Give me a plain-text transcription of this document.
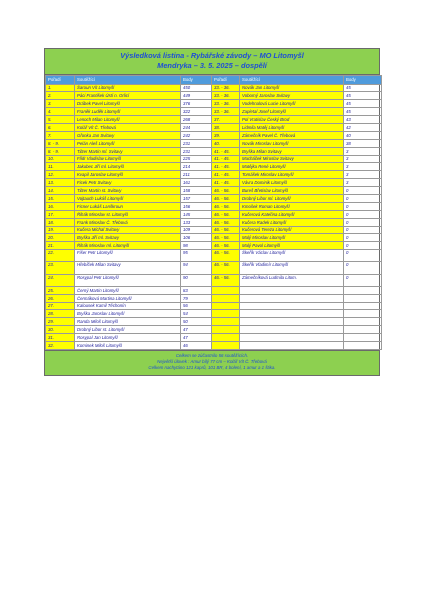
Výsledková listina - Rybářské závody – MO Litomyšl
Mendryka – 3. 5. 2025 – dospělí
Pořadí	Soutěžící	Body	Pořadí	Soutěžící	Body
1.	Šaroun Vít Litomyšl	450	33. - 36.	Novák Jan Litomyšl	45
2.	Páci František Ústí n. Orlicí	449	33. - 36.	Voborný Jaroslav Svitavy	45
3.	Drábek Pavel Litomyšl	376	33. - 36.	Vodehnalová Lucie Litomyšl	45
4.	Franěk Luděk Litomyšl	322	33. - 36.	Zapletal Josef Litomyšl	45
5.	Lenoch Milan Litomyšl	268	37.	Pol Vratislav Český Brod	43
6.	Kolář Vít Č. Třebová	244	38.	Lidmila Matěj Litomyšl	42
7.	Gřonka Jan Svitavy	242	39.	Zámečník Pavel Č. Třebová	40
8. - 9.	Pelán Aleš Litomyšl	231	40.	Novák Miroslav Litomyšl	38
8. - 9.	Tilzer Martin ml. Svitavy	231	41. - 45.	Bryška Milan Svitavy	3
10.	Flídr Vladislav Litomyšl	225	41. - 45.	Macháček Miroslav Svitavy	3
11.	Jakubec Jiří ml. Litomyšl	214	41. - 45.	Matějka René Litomyšl	3
12.	Kvapil Jaroslav Litomyšl	211	41. - 45.	Tomášek Miroslav Litomyšl	3
13.	Ficek Petr Svitavy	161	41. - 45.	Vávra Dominik Litomyšl	3
14.	Tilzer Martin st. Svitavy	158	46. - 56.	Bureš Břetislav Litomyšl	0
15.	Vojtauch Lukáš Litomyšl	157	46. - 56.	Drobný Libor ml. Litomyšl	0
16.	Ficner Lukáš Lanškroun	156	46. - 56.	Kmošek Roman Litomyšl	0
17.	Řihák Miroslav st. Litomyšl	145	46. - 56.	Kučerová Kateřina Litomyšl	0
18.	Frank Miroslav Č. Třebová	133	46. - 56.	Kučera Radek Litomyšl	0
19.	Kučera Michal Svitavy	109	46. - 56.	Kučerová Tereza Litomyšl	0
20.	Bryška Jiří ml. Svitavy	106	46. - 56.	Malý Miroslav Litomyšl	0
21.	Řihák Miroslav ml. Litomyšl	98	46. - 56.	Malý Pavol Litomyšl	0
22.	Fišer Petr Litomyšl	95	46. - 56.	Škeřík Václav Litomyšl	0
23.	Hřebíček Milan Svitavy	94	46. - 56.	Škeřík Vladimír Litomyšl	0
24.	Rosypal Petr Litomyšl	90	46. - 56.	Zámečníková Ludmila Litom.	0
25.	Černý Martin Litomyšl	83			
26.	Čermáková Martina Litomyšl	79			
27.	Kalousek Kamil Těchonín	56			
28.	Bryška Jaroslav Litomyšl	54			
29.	Randa Miloš Litomyšl	50			
30.	Drobný Libor st. Litomyšl	47			
31.	Rosypal Jan Litomyšl	47			
32.	Kominek Miloš Litomyšl	46			
Celkem se zúčastnilo 56 soutěžících.
Největší úlovek : Amur bílý 77 cm – Kolář Vít Č. Třebová
Celkem nachytáno 121 kaprů, 101 BR, 4 bolení, 1 amur a 1 štika.
